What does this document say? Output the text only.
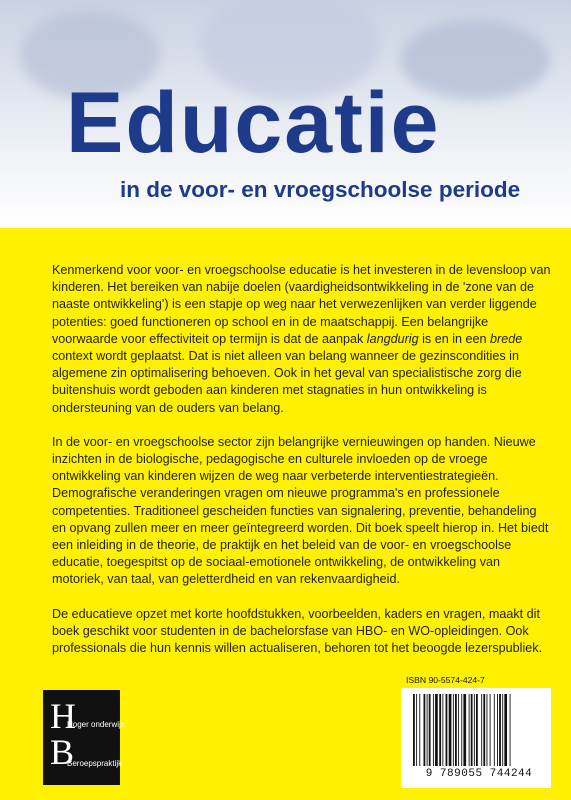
Educatie
in de voor- en vroegschoolse periode

Kenmerkend voor voor- en vroegschoolse educatie is het investeren in de levensloop van kinderen. Het bereiken van nabije doelen (vaardigheidsontwikkeling in de 'zone van de naaste ontwikkeling') is een stapje op weg naar het verwezenlijken van verder liggende potenties: goed functioneren op school en in de maatschappij. Een belangrijke voorwaarde voor effectiviteit op termijn is dat de aanpak langdurig is en in een brede context wordt geplaatst. Dat is niet alleen van belang wanneer de gezinscondities in algemene zin optimalisering behoeven. Ook in het geval van specialistische zorg die buitenshuis wordt geboden aan kinderen met stagnaties in hun ontwikkeling is ondersteuning van de ouders van belang.

In de voor- en vroegschoolse sector zijn belangrijke vernieuwingen op handen. Nieuwe inzichten in de biologische, pedagogische en culturele invloeden op de vroege ontwikkeling van kinderen wijzen de weg naar verbeterde interventiestrategieën. Demografische veranderingen vragen om nieuwe programma's en professionele competenties. Traditioneel gescheiden functies van signalering, preventie, behandeling en opvang zullen meer en meer geïntegreerd worden. Dit boek speelt hierop in. Het biedt een inleiding in de theorie, de praktijk en het beleid van de voor- en vroegschoolse educatie, toegespitst op de sociaal-emotionele ontwikkeling, de ontwikkeling van motoriek, van taal, van geletterdheid en van rekenvaardigheid.

De educatieve opzet met korte hoofdstukken, voorbeelden, kaders en vragen, maakt dit boek geschikt voor studenten in de bachelorsfase van HBO- en WO-opleidingen. Ook professionals die hun kennis willen actualiseren, behoren tot het beoogde lezerspubliek.

H
Hoger onderwijs
B
Beroepspraktijk
ISBN 90-5574-424-7
9 789055 744244
